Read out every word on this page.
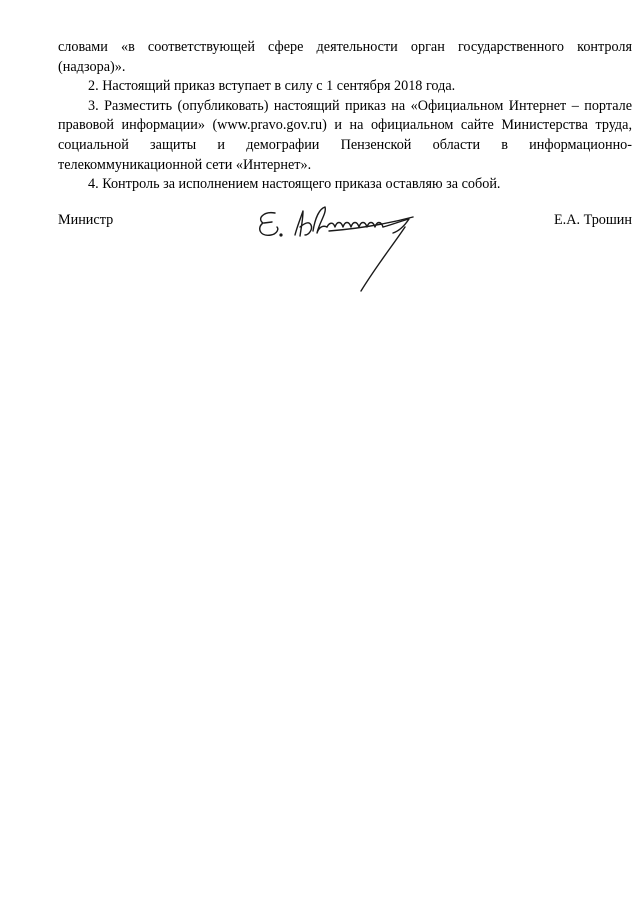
словами «в соответствующей сфере деятельности орган государственного контроля (надзора)».

2. Настоящий приказ вступает в силу с 1 сентября 2018 года.

3. Разместить (опубликовать) настоящий приказ на «Официальном Интернет – портале правовой информации» (www.pravo.gov.ru) и на официальном сайте Министерства труда, социальной защиты и демографии Пензенской области в информационно-телекоммуникационной сети «Интернет».

4. Контроль за исполнением настоящего приказа оставляю за собой.

Министр	Е.А. Трошин
